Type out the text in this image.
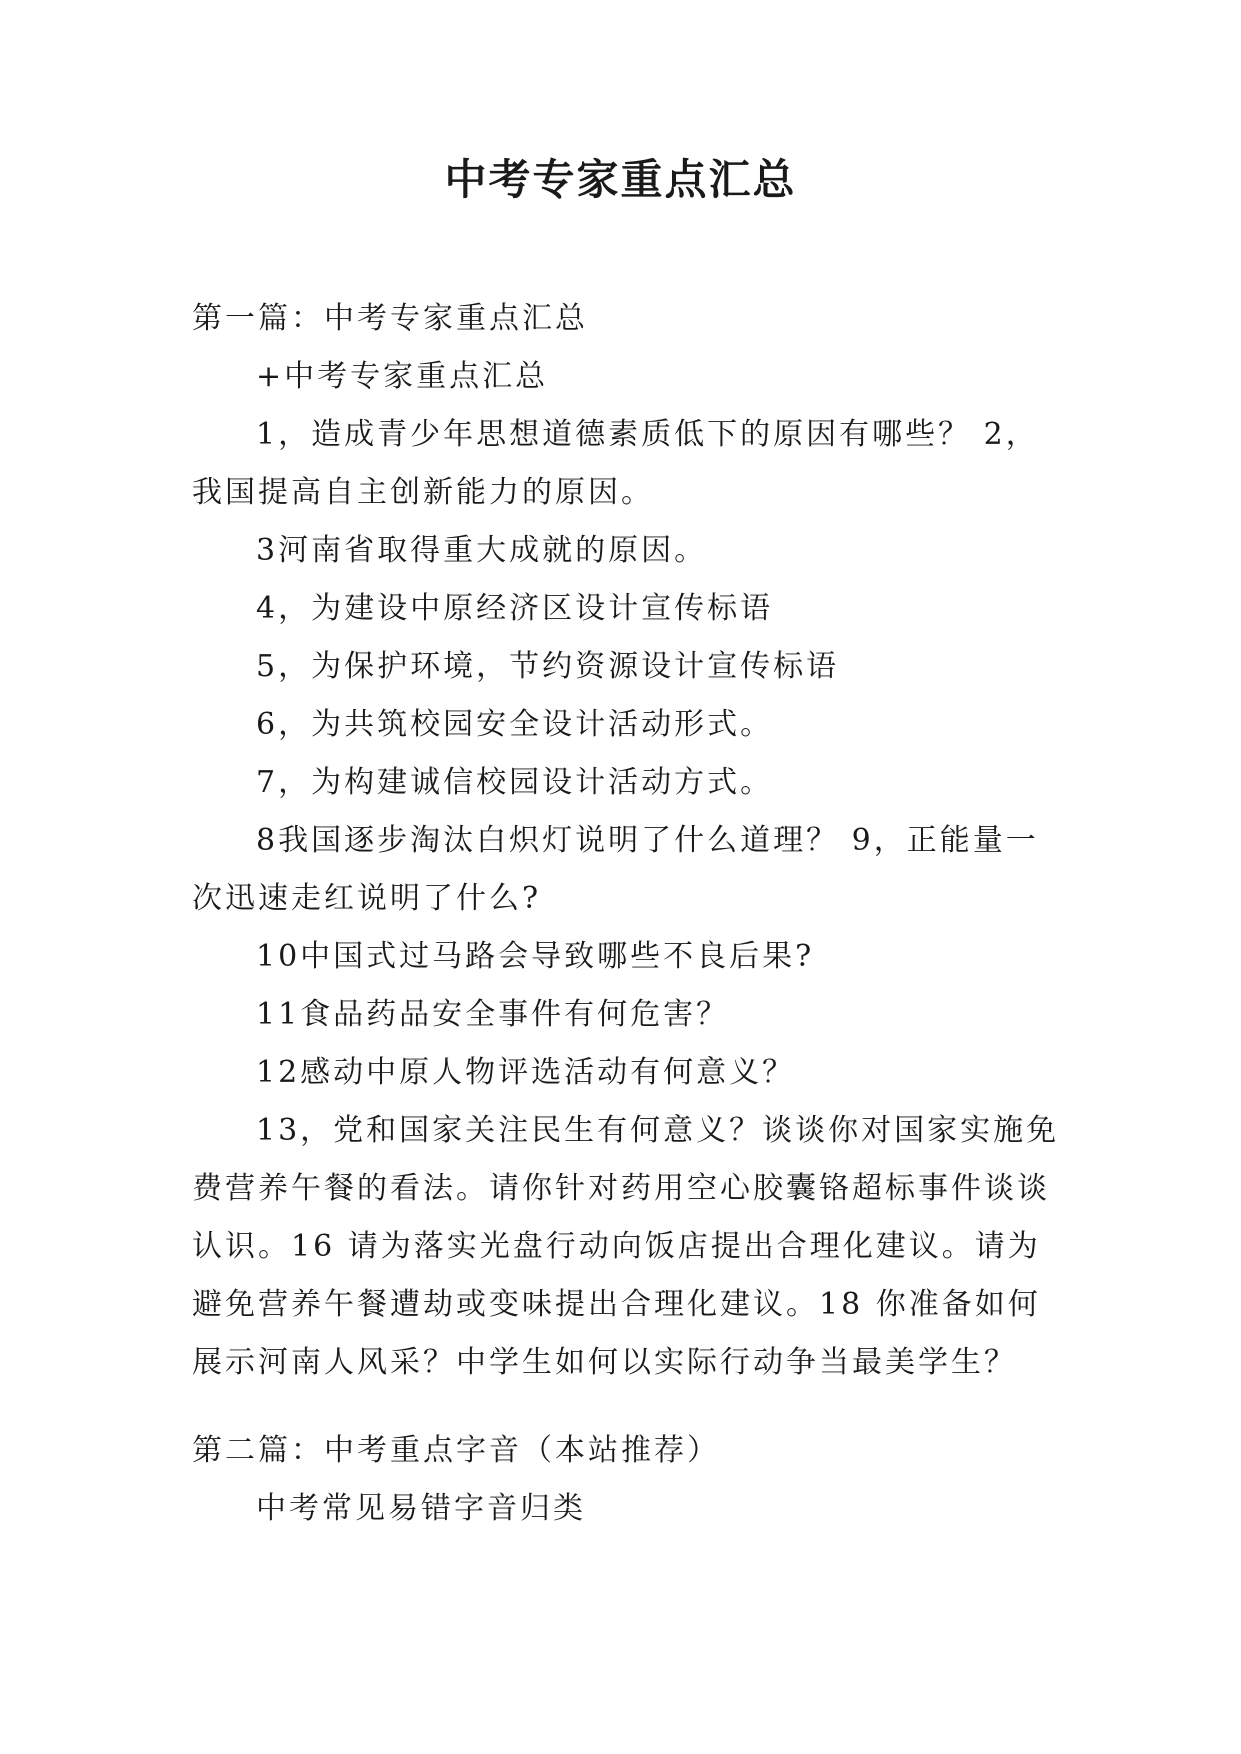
中考专家重点汇总

第一篇：中考专家重点汇总

+中考专家重点汇总

1，造成青少年思想道德素质低下的原因有哪些？ 2，我国提高自主创新能力的原因。

3河南省取得重大成就的原因。

4，为建设中原经济区设计宣传标语

5，为保护环境，节约资源设计宣传标语

6，为共筑校园安全设计活动形式。

7，为构建诚信校园设计活动方式。

8我国逐步淘汰白炽灯说明了什么道理？ 9，正能量一次迅速走红说明了什么?

10中国式过马路会导致哪些不良后果?

11食品药品安全事件有何危害？

12感动中原人物评选活动有何意义？

13，党和国家关注民生有何意义？谈谈你对国家实施免费营养午餐的看法。请你针对药用空心胶囊铬超标事件谈谈认识。16 请为落实光盘行动向饭店提出合理化建议。请为避免营养午餐遭劫或变味提出合理化建议。18 你准备如何展示河南人风采？中学生如何以实际行动争当最美学生？

第二篇：中考重点字音（本站推荐）

中考常见易错字音归类
